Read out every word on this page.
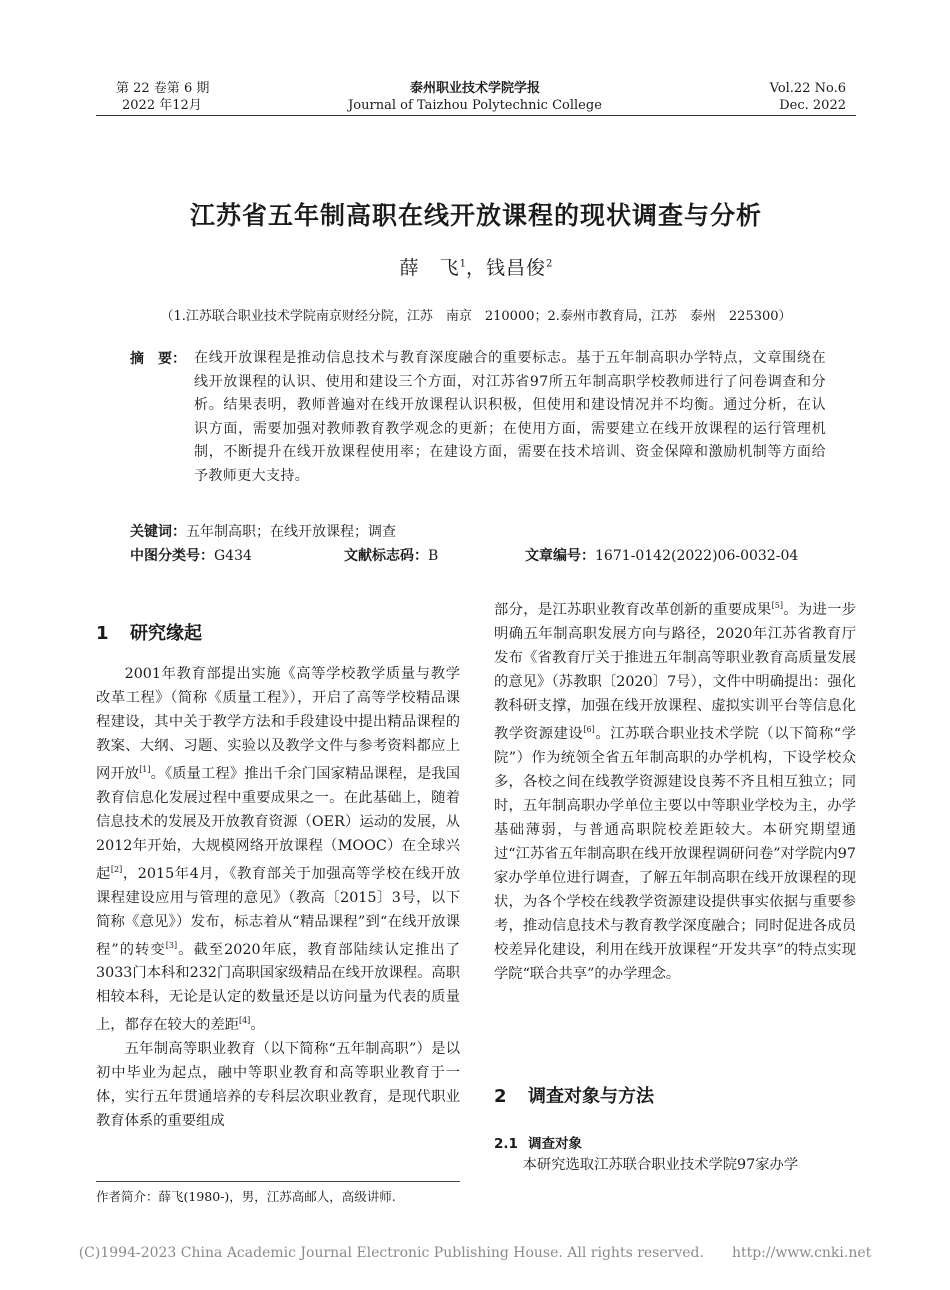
第 22 卷第 6 期
2022 年12月
泰州职业技术学院学报
Journal of Taizhou Polytechnic College
Vol.22 No.6
Dec. 2022
江苏省五年制高职在线开放课程的现状调查与分析
薛　飞$^1$，钱昌俊$^2$
（1.江苏联合职业技术学院南京财经分院，江苏　南京　210000；2.泰州市教育局，江苏　泰州　225300）
摘　要： 在线开放课程是推动信息技术与教育深度融合的重要标志。基于五年制高职办学特点，文章围绕在线开放课程的认识、使用和建设三个方面，对江苏省97所五年制高职学校教师进行了问卷调查和分析。结果表明，教师普遍对在线开放课程认识积极，但使用和建设情况并不均衡。通过分析，在认识方面，需要加强对教师教育教学观念的更新；在使用方面，需要建立在线开放课程的运行管理机制，不断提升在线开放课程使用率；在建设方面，需要在技术培训、资金保障和激励机制等方面给予教师更大支持。
关键词：五年制高职；在线开放课程；调查
中图分类号：G434	文献标志码：B	文章编号：1671-0142(2022)06-0032-04
1 研究缘起

2001年教育部提出实施《高等学校教学质量与教学改革工程》（简称《质量工程》），开启了高等学校精品课程建设，其中关于教学方法和手段建设中提出精品课程的教案、大纲、习题、实验以及教学文件与参考资料都应上网开放[1]。《质量工程》推出千余门国家精品课程，是我国教育信息化发展过程中重要成果之一。在此基础上，随着信息技术的发展及开放教育资源（OER）运动的发展，从2012年开始，大规模网络开放课程（MOOC）在全球兴起[2]，2015年4月，《教育部关于加强高等学校在线开放课程建设应用与管理的意见》（教高〔2015〕3号，以下简称《意见》）发布，标志着从“精品课程”到“在线开放课程”的转变[3]。截至2020年底，教育部陆续认定推出了3033门本科和232门高职国家级精品在线开放课程。高职相较本科，无论是认定的数量还是以访问量为代表的质量上，都存在较大的差距[4]。

五年制高等职业教育（以下简称“五年制高职”）是以初中毕业为起点，融中等职业教育和高等职业教育于一体，实行五年贯通培养的专科层次职业教育，是现代职业教育体系的重要组成

作者简介：薛飞(1980-)，男，江苏高邮人，高级讲师.

部分，是江苏职业教育改革创新的重要成果[5]。为进一步明确五年制高职发展方向与路径，2020年江苏省教育厅发布《省教育厅关于推进五年制高等职业教育高质量发展的意见》（苏教职〔2020〕7号），文件中明确提出：强化教科研支撑，加强在线开放课程、虚拟实训平台等信息化教学资源建设[6]。江苏联合职业技术学院（以下简称“学院”）作为统领全省五年制高职的办学机构，下设学校众多，各校之间在线教学资源建设良莠不齐且相互独立；同时，五年制高职办学单位主要以中等职业学校为主，办学基础薄弱，与普通高职院校差距较大。本研究期望通过“江苏省五年制高职在线开放课程调研问卷”对学院内97家办学单位进行调查，了解五年制高职在线开放课程的现状，为各个学校在线教学资源建设提供事实依据与重要参考，推动信息技术与教育教学深度融合；同时促进各成员校差异化建设，利用在线开放课程“开发共享”的特点实现学院“联合共享”的办学理念。

2 调查对象与方法
2.1 调查对象

本研究选取江苏联合职业技术学院97家办学

(C)1994-2023 China Academic Journal Electronic Publishing House. All rights reserved.　　http://www.cnki.net
